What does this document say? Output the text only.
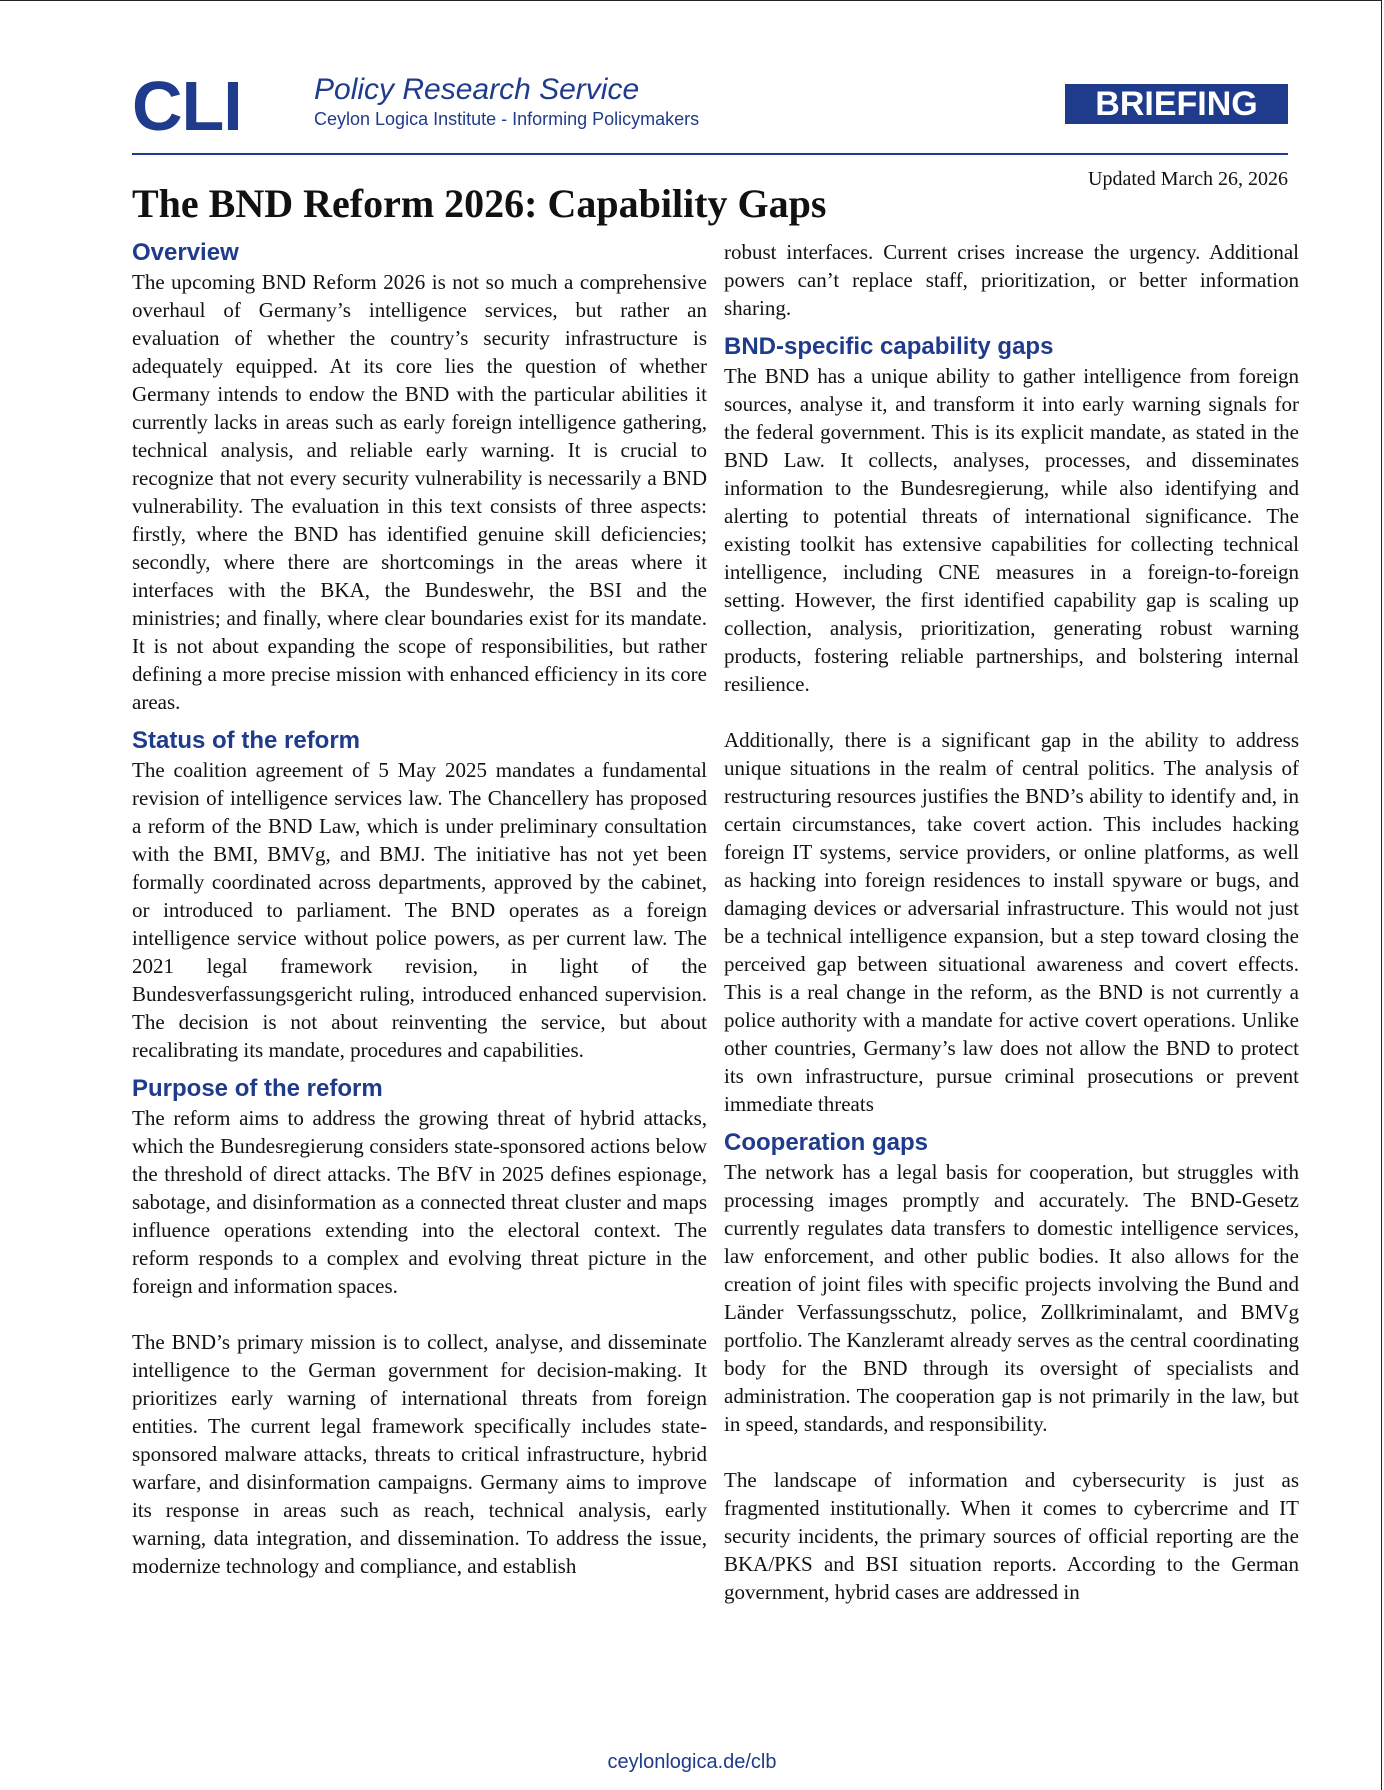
CLI Policy Research Service
Ceylon Logica Institute - Informing Policymakers	BRIEFING
Updated March 26, 2026
The BND Reform 2026: Capability Gaps
Overview

The upcoming BND Reform 2026 is not so much a comprehensive overhaul of Germany’s intelligence services, but rather an evaluation of whether the country’s security infrastructure is adequately equipped. At its core lies the question of whether Germany intends to endow the BND with the particular abilities it currently lacks in areas such as early foreign intelligence gathering, technical analysis, and reliable early warning. It is crucial to recognize that not every security vulnerability is necessarily a BND vulnerability. The evaluation in this text consists of three aspects: firstly, where the BND has identified genuine skill deficiencies; secondly, where there are shortcomings in the areas where it interfaces with the BKA, the Bundeswehr, the BSI and the ministries; and finally, where clear boundaries exist for its mandate. It is not about expanding the scope of responsibilities, but rather defining a more precise mission with enhanced efficiency in its core areas.

Status of the reform

The coalition agreement of 5 May 2025 mandates a fundamental revision of intelligence services law. The Chancellery has proposed a reform of the BND Law, which is under preliminary consultation with the BMI, BMVg, and BMJ. The initiative has not yet been formally coordinated across departments, approved by the cabinet, or introduced to parliament. The BND operates as a foreign intelligence service without police powers, as per current law. The 2021 legal framework revision, in light of the Bundesverfassungsgericht ruling, introduced enhanced supervision. The decision is not about reinventing the service, but about recalibrating its mandate, procedures and capabilities.

Purpose of the reform

The reform aims to address the growing threat of hybrid attacks, which the Bundesregierung considers state-sponsored actions below the threshold of direct attacks. The BfV in 2025 defines espionage, sabotage, and disinformation as a connected threat cluster and maps influence operations extending into the electoral context. The reform responds to a complex and evolving threat picture in the foreign and information spaces.

The BND’s primary mission is to collect, analyse, and disseminate intelligence to the German government for decision-making. It prioritizes early warning of international threats from foreign entities. The current legal framework specifically includes state-sponsored malware attacks, threats to critical infrastructure, hybrid warfare, and disinformation campaigns. Germany aims to improve its response in areas such as reach, technical analysis, early warning, data integration, and dissemination. To address the issue, modernize technology and compliance, and establish

robust interfaces. Current crises increase the urgency. Additional powers can’t replace staff, prioritization, or better information sharing.

BND-specific capability gaps

The BND has a unique ability to gather intelligence from foreign sources, analyse it, and transform it into early warning signals for the federal government. This is its explicit mandate, as stated in the BND Law. It collects, analyses, processes, and disseminates information to the Bundesregierung, while also identifying and alerting to potential threats of international significance. The existing toolkit has extensive capabilities for collecting technical intelligence, including CNE measures in a foreign-to-foreign setting. However, the first identified capability gap is scaling up collection, analysis, prioritization, generating robust warning products, fostering reliable partnerships, and bolstering internal resilience.

Additionally, there is a significant gap in the ability to address unique situations in the realm of central politics. The analysis of restructuring resources justifies the BND’s ability to identify and, in certain circumstances, take covert action. This includes hacking foreign IT systems, service providers, or online platforms, as well as hacking into foreign residences to install spyware or bugs, and damaging devices or adversarial infrastructure. This would not just be a technical intelligence expansion, but a step toward closing the perceived gap between situational awareness and covert effects. This is a real change in the reform, as the BND is not currently a police authority with a mandate for active covert operations. Unlike other countries, Germany’s law does not allow the BND to protect its own infrastructure, pursue criminal prosecutions or prevent immediate threats

Cooperation gaps

The network has a legal basis for cooperation, but struggles with processing images promptly and accurately. The BND-Gesetz currently regulates data transfers to domestic intelligence services, law enforcement, and other public bodies. It also allows for the creation of joint files with specific projects involving the Bund and Länder Verfassungsschutz, police, Zollkriminalamt, and BMVg portfolio. The Kanzleramt already serves as the central coordinating body for the BND through its oversight of specialists and administration. The cooperation gap is not primarily in the law, but in speed, standards, and responsibility.

The landscape of information and cybersecurity is just as fragmented institutionally. When it comes to cybercrime and IT security incidents, the primary sources of official reporting are the BKA/PKS and BSI situation reports. According to the German government, hybrid cases are addressed in

ceylonlogica.de/clb
